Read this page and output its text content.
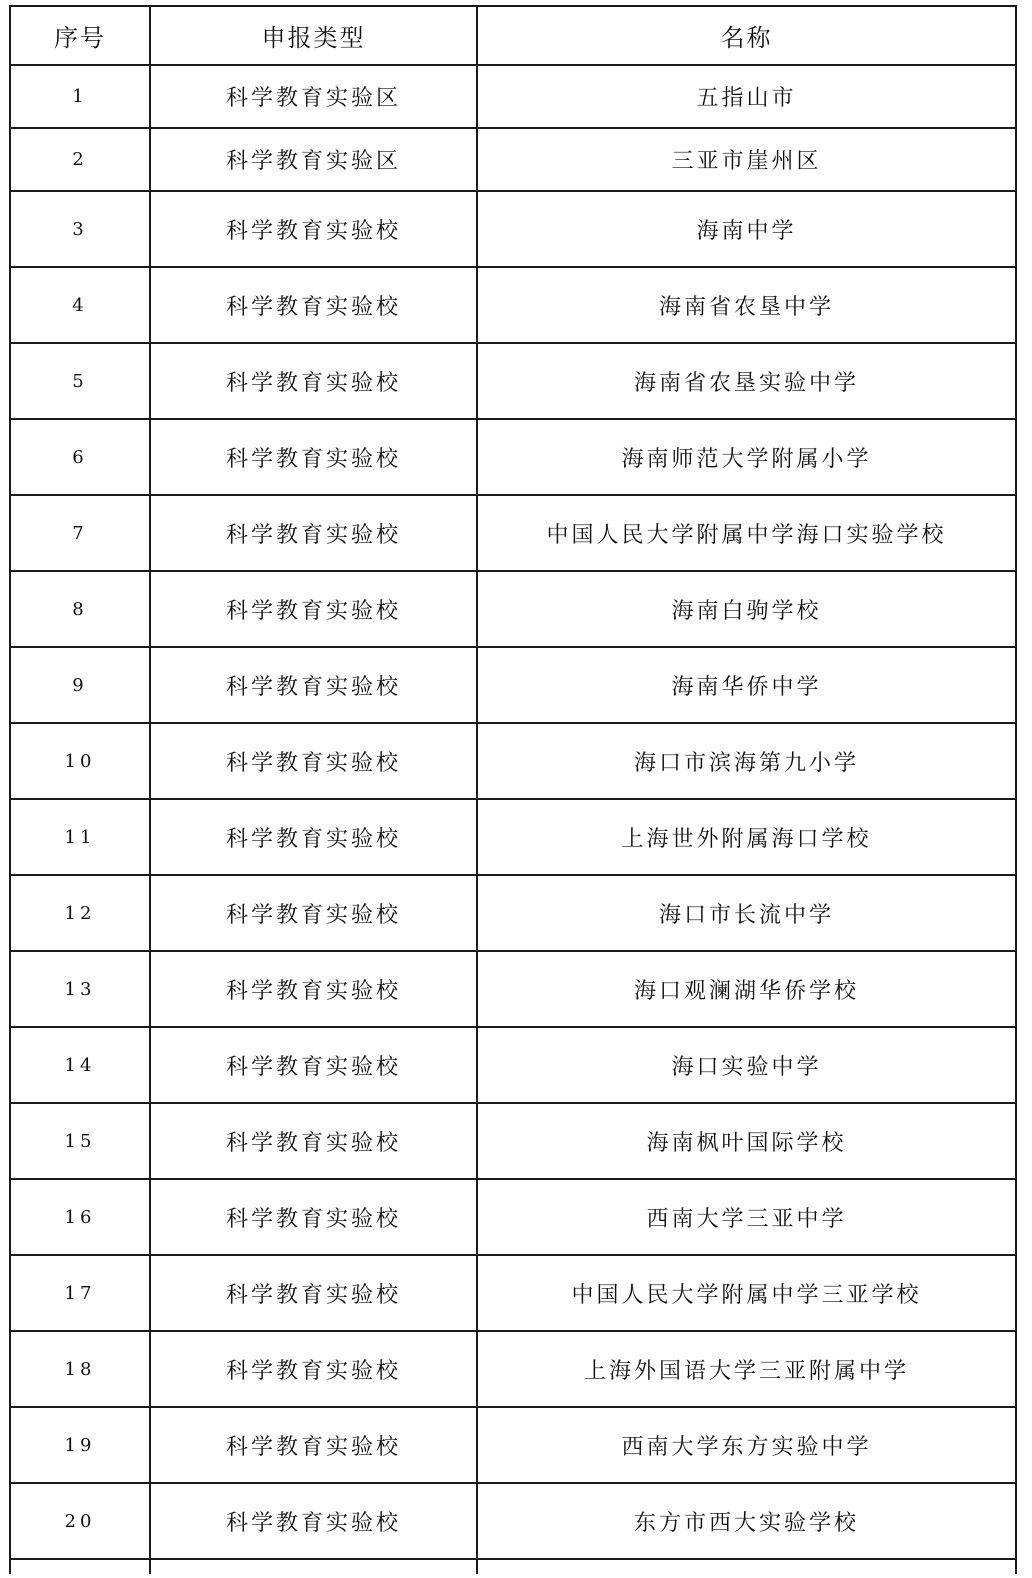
序号	申报类型	名称
1	科学教育实验区	五指山市
2	科学教育实验区	三亚市崖州区
3	科学教育实验校	海南中学
4	科学教育实验校	海南省农垦中学
5	科学教育实验校	海南省农垦实验中学
6	科学教育实验校	海南师范大学附属小学
7	科学教育实验校	中国人民大学附属中学海口实验学校
8	科学教育实验校	海南白驹学校
9	科学教育实验校	海南华侨中学
10	科学教育实验校	海口市滨海第九小学
11	科学教育实验校	上海世外附属海口学校
12	科学教育实验校	海口市长流中学
13	科学教育实验校	海口观澜湖华侨学校
14	科学教育实验校	海口实验中学
15	科学教育实验校	海南枫叶国际学校
16	科学教育实验校	西南大学三亚中学
17	科学教育实验校	中国人民大学附属中学三亚学校
18	科学教育实验校	上海外国语大学三亚附属中学
19	科学教育实验校	西南大学东方实验中学
20	科学教育实验校	东方市西大实验学校
